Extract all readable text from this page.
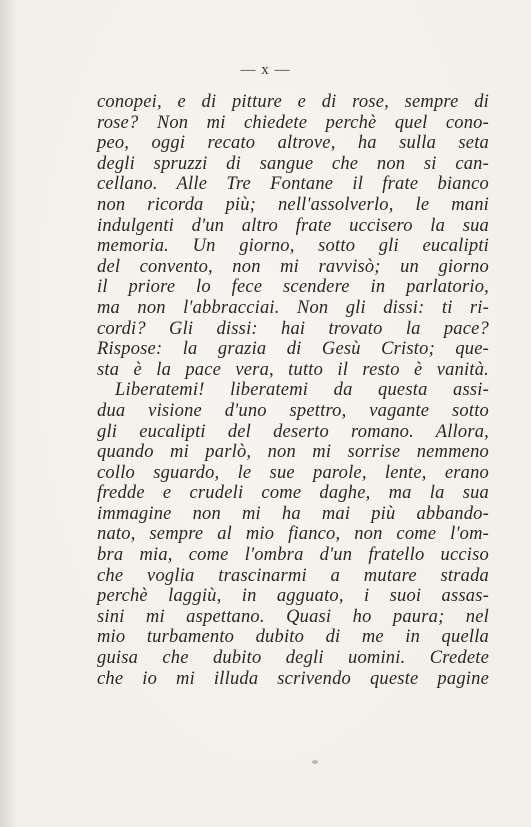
— x —
conopei, e di pitture e di rose, sempre di
rose? Non mi chiedete perchè quel cono-
peo, oggi recato altrove, ha sulla seta
degli spruzzi di sangue che non si can-
cellano. Alle Tre Fontane il frate bianco
non ricorda più; nell'assolverlo, le mani
indulgenti d'un altro frate uccisero la sua
memoria. Un giorno, sotto gli eucalipti
del convento, non mi ravvisò; un giorno
il priore lo fece scendere in parlatorio,
ma non l'abbracciai. Non gli dissi: ti ri-
cordi? Gli dissi: hai trovato la pace?
Rispose: la grazia di Gesù Cristo; que-
sta è la pace vera, tutto il resto è vanità.
Liberatemi! liberatemi da questa assi-
dua visione d'uno spettro, vagante sotto
gli eucalipti del deserto romano. Allora,
quando mi parlò, non mi sorrise nemmeno
collo sguardo, le sue parole, lente, erano
fredde e crudeli come daghe, ma la sua
immagine non mi ha mai più abbando-
nato, sempre al mio fianco, non come l'om-
bra mia, come l'ombra d'un fratello ucciso
che voglia trascinarmi a mutare strada
perchè laggiù, in agguato, i suoi assas-
sini mi aspettano. Quasi ho paura; nel
mio turbamento dubito di me in quella
guisa che dubito degli uomini. Credete
che io mi illuda scrivendo queste pagine
